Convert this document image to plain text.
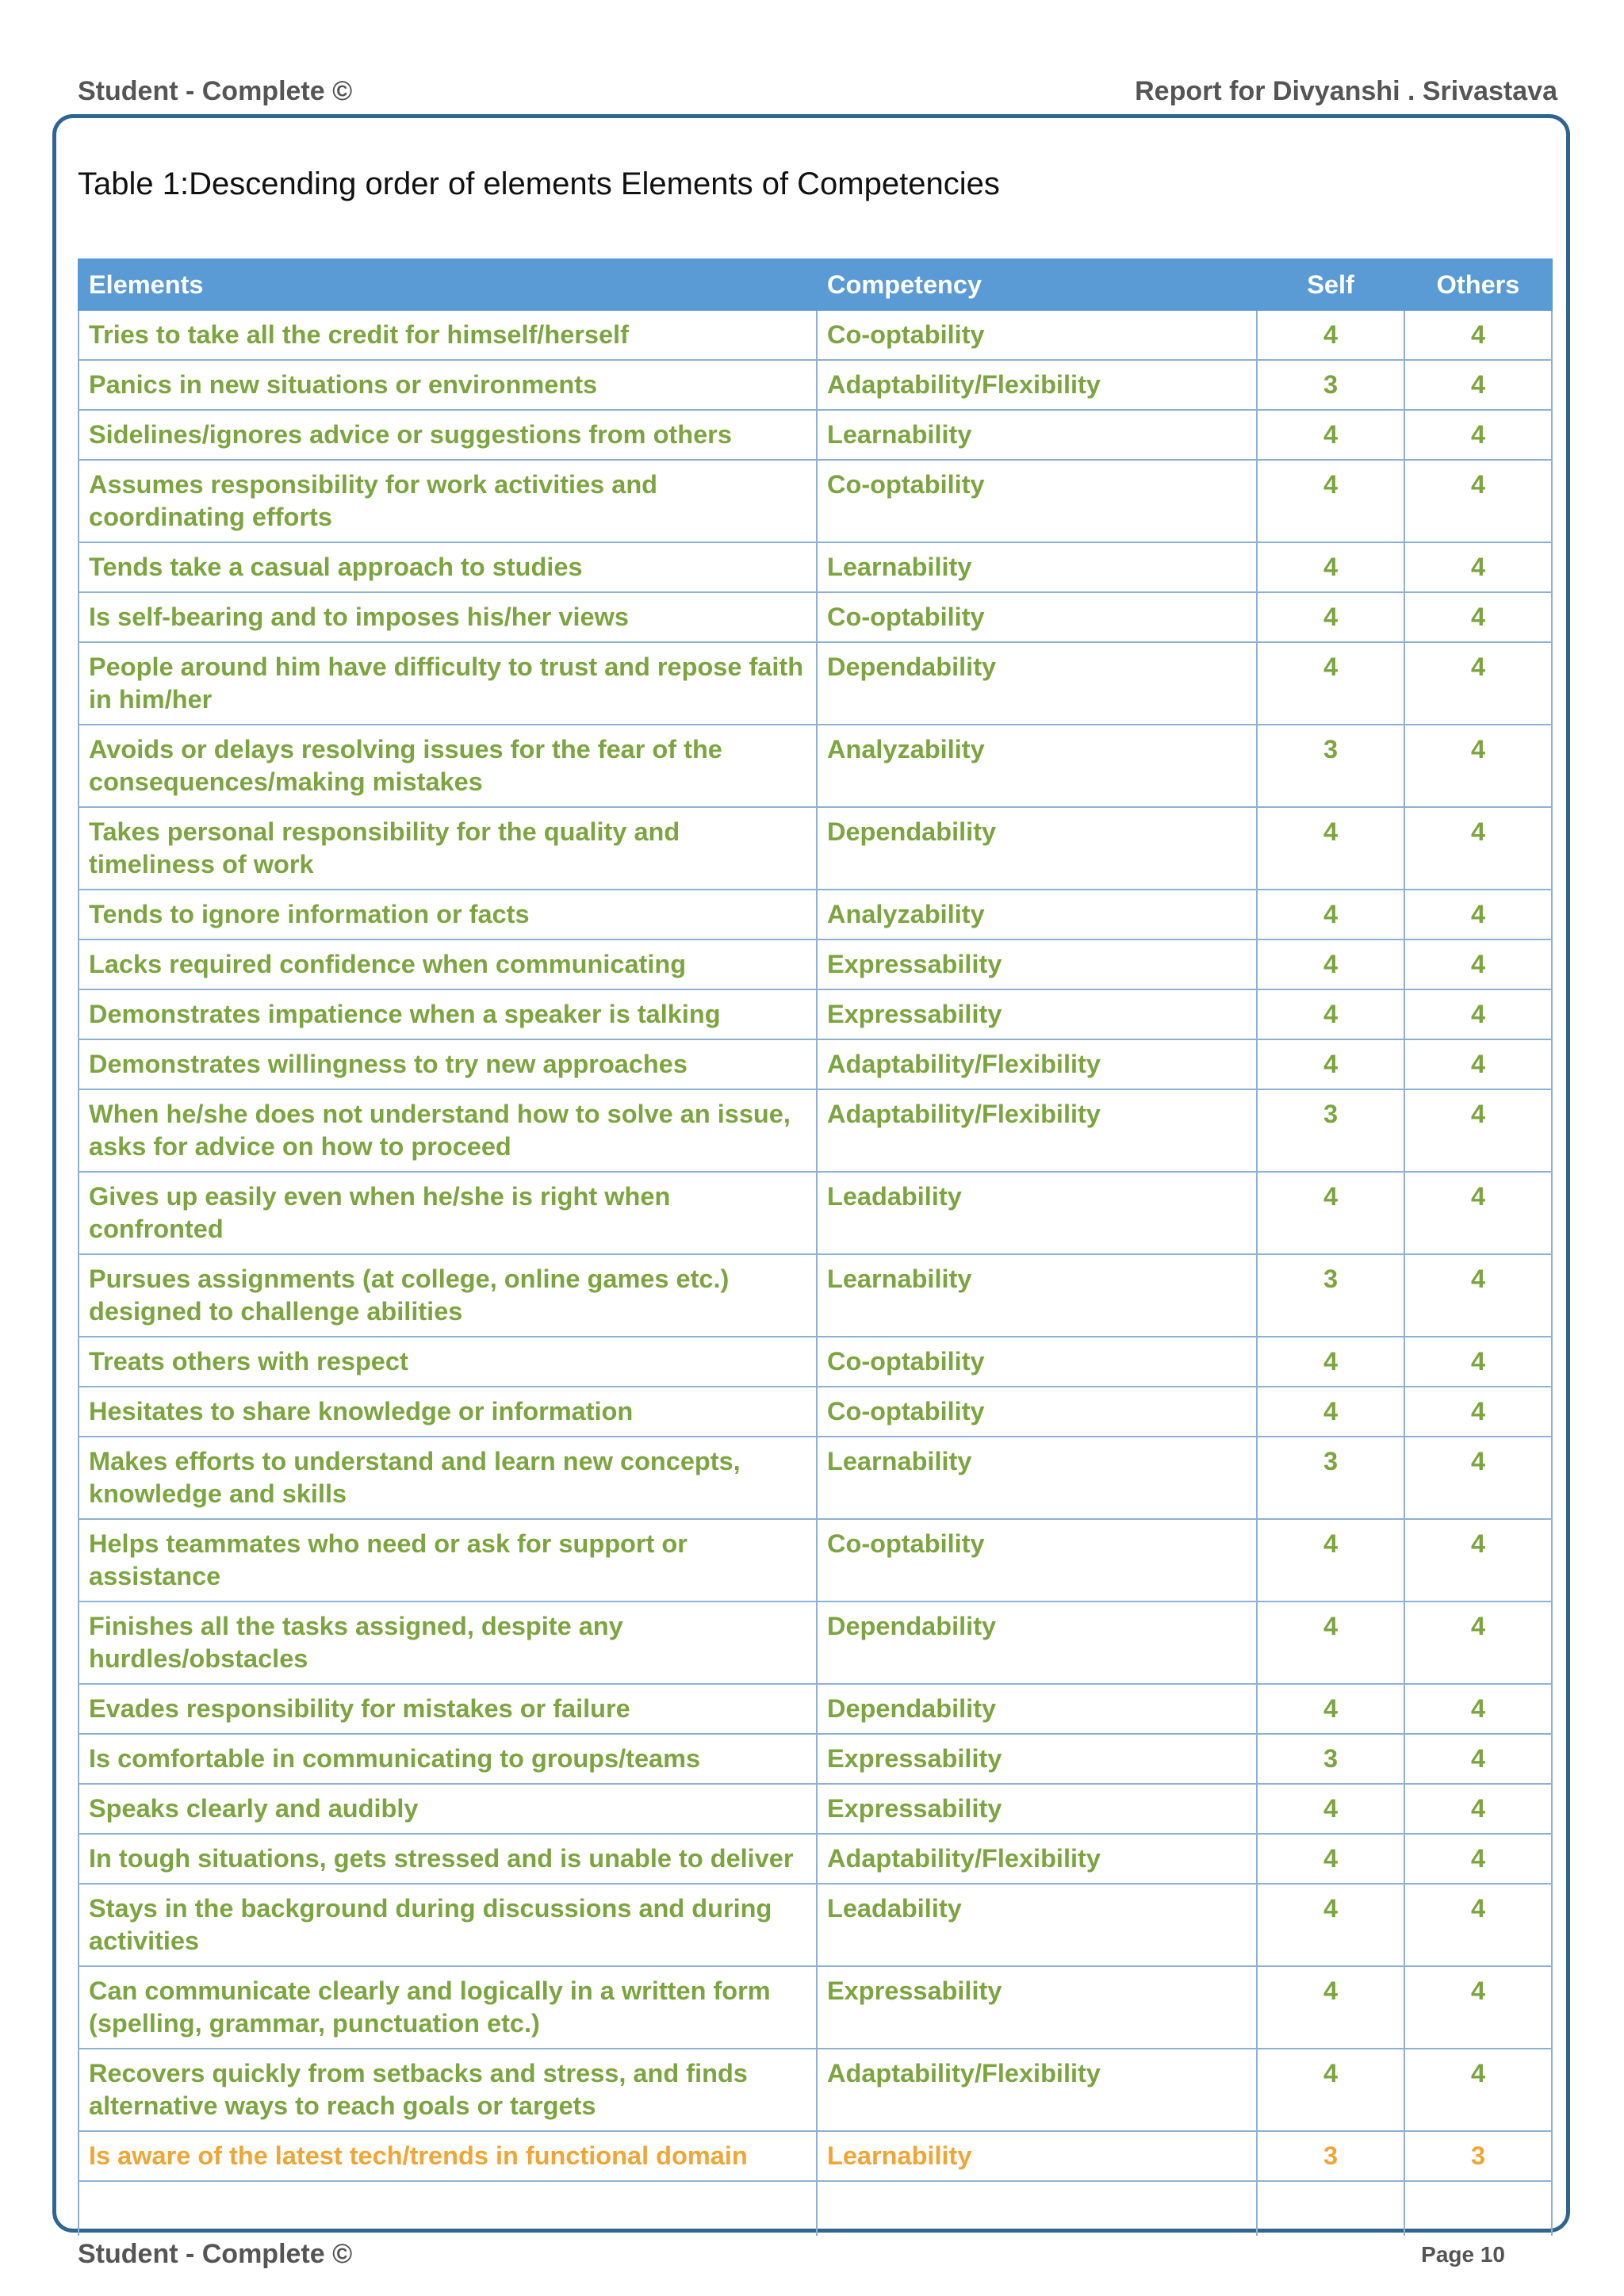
Student - Complete ©	Report for Divyanshi . Srivastava
Table 1:Descending order of elements Elements of Competencies
Elements	Competency	Self	Others
Tries to take all the credit for himself/herself	Co-optability	4	4
Panics in new situations or environments	Adaptability/Flexibility	3	4
Sidelines/ignores advice or suggestions from others	Learnability	4	4
Assumes responsibility for work activities and coordinating efforts	Co-optability	4	4
Tends take a casual approach to studies	Learnability	4	4
Is self-bearing and to imposes his/her views	Co-optability	4	4
People around him have difficulty to trust and repose faith in him/her	Dependability	4	4
Avoids or delays resolving issues for the fear of the consequences/making mistakes	Analyzability	3	4
Takes personal responsibility for the quality and timeliness of work	Dependability	4	4
Tends to ignore information or facts	Analyzability	4	4
Lacks required confidence when communicating	Expressability	4	4
Demonstrates impatience when a speaker is talking	Expressability	4	4
Demonstrates willingness to try new approaches	Adaptability/Flexibility	4	4
When he/she does not understand how to solve an issue, asks for advice on how to proceed	Adaptability/Flexibility	3	4
Gives up easily even when he/she is right when confronted	Leadability	4	4
Pursues assignments (at college, online games etc.) designed to challenge abilities	Learnability	3	4
Treats others with respect	Co-optability	4	4
Hesitates to share knowledge or information	Co-optability	4	4
Makes efforts to understand and learn new concepts, knowledge and skills	Learnability	3	4
Helps teammates who need or ask for support or assistance	Co-optability	4	4
Finishes all the tasks assigned, despite any hurdles/obstacles	Dependability	4	4
Evades responsibility for mistakes or failure	Dependability	4	4
Is comfortable in communicating to groups/teams	Expressability	3	4
Speaks clearly and audibly	Expressability	4	4
In tough situations, gets stressed and is unable to deliver	Adaptability/Flexibility	4	4
Stays in the background during discussions and during activities	Leadability	4	4
Can communicate clearly and logically in a written form (spelling, grammar, punctuation etc.)	Expressability	4	4
Recovers quickly from setbacks and stress, and finds alternative ways to reach goals or targets	Adaptability/Flexibility	4	4
Is aware of the latest tech/trends in functional domain	Learnability	3	3

Student - Complete ©	Page 10
